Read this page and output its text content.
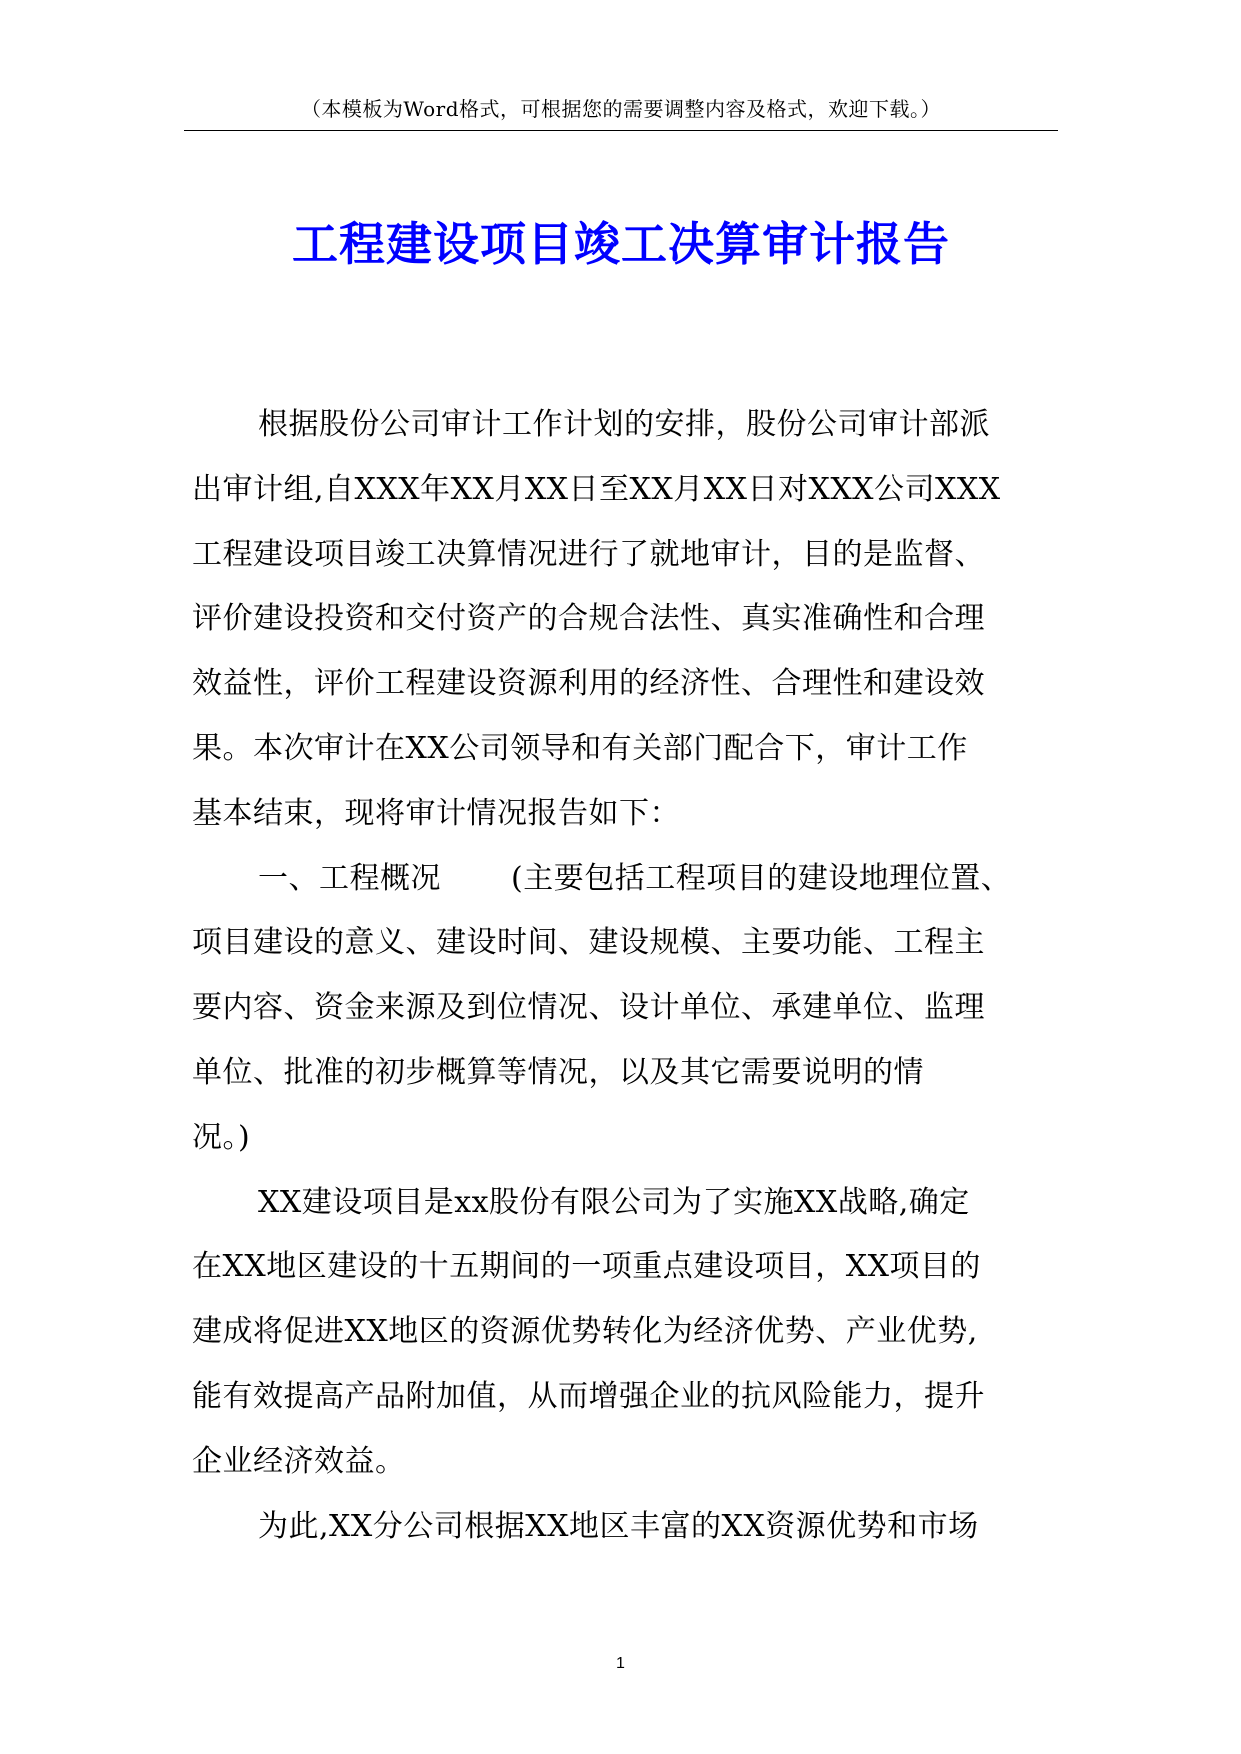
（本模板为Word格式，可根据您的需要调整内容及格式，欢迎下载。）
工程建设项目竣工决算审计报告
根据股份公司审计工作计划的安排，股份公司审计部派
出审计组,自XXX年XX月XX日至XX月XX日对XXX公司XXX
工程建设项目竣工决算情况进行了就地审计，目的是监督、
评价建设投资和交付资产的合规合法性、真实准确性和合理
效益性，评价工程建设资源利用的经济性、合理性和建设效
果。本次审计在XX公司领导和有关部门配合下，审计工作
基本结束，现将审计情况报告如下：
一、工程概况 (主要包括工程项目的建设地理位置、
项目建设的意义、建设时间、建设规模、主要功能、工程主
要内容、资金来源及到位情况、设计单位、承建单位、监理
单位、批准的初步概算等情况，以及其它需要说明的情
况。)
XX建设项目是xx股份有限公司为了实施XX战略,确定
在XX地区建设的十五期间的一项重点建设项目，XX项目的
建成将促进XX地区的资源优势转化为经济优势、产业优势,
能有效提高产品附加值，从而增强企业的抗风险能力，提升
企业经济效益。
为此,XX分公司根据XX地区丰富的XX资源优势和市场
1
